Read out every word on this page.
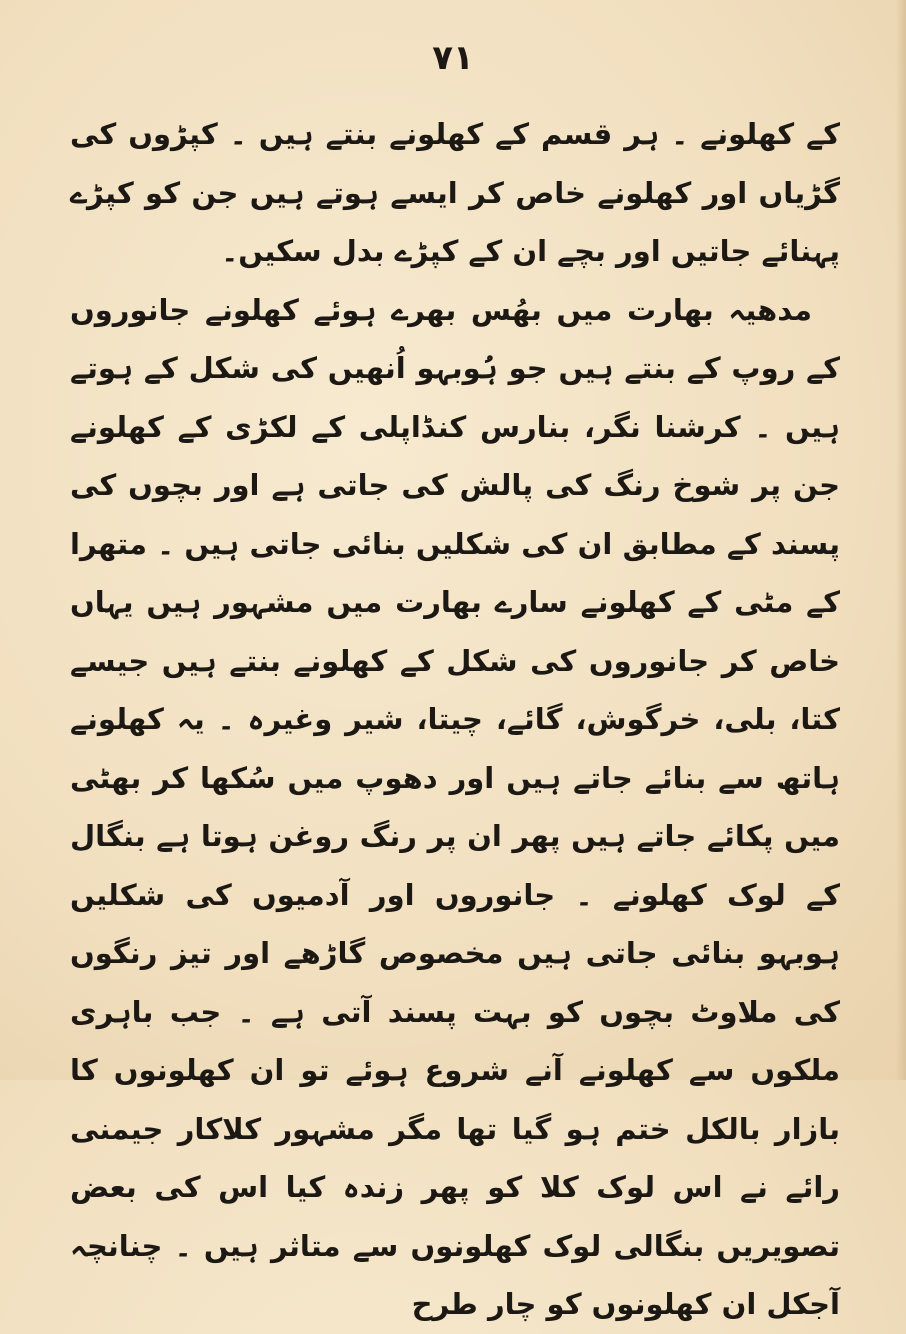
٧١

کے کھلونے ۔ ہر قسم کے کھلونے بنتے ہیں ۔ کپڑوں کی گڑیاں اور کھلونے خاص کر ایسے ہوتے ہیں جن کو کپڑے پہنائے جاتیں اور بچے ان کے کپڑے بدل سکیں۔

مدھیہ بھارت میں بھُس بھرے ہوئے کھلونے جانوروں کے روپ کے بنتے ہیں جو ہُوبہو اُنھیں کی شکل کے ہوتے ہیں ۔ کرشنا نگر، بنارس کنڈاپلی کے لکڑی کے کھلونے جن پر شوخ رنگ کی پالش کی جاتی ہے اور بچوں کی پسند کے مطابق ان کی شکلیں بنائی جاتی ہیں ۔ متھرا کے مٹی کے کھلونے سارے بھارت میں مشہور ہیں یہاں خاص کر جانوروں کی شکل کے کھلونے بنتے ہیں جیسے کتا، بلی، خرگوش، گائے، چیتا، شیر وغیرہ ۔ یہ کھلونے ہاتھ سے بنائے جاتے ہیں اور دھوپ میں سُکھا کر بھٹی میں پکائے جاتے ہیں پھر ان پر رنگ روغن ہوتا ہے بنگال کے لوک کھلونے ۔ جانوروں اور آدمیوں کی شکلیں ہوبہو بنائی جاتی ہیں مخصوص گاڑھے اور تیز رنگوں کی ملاوٹ بچوں کو بہت پسند آتی ہے ۔ جب باہری ملکوں سے کھلونے آنے شروع ہوئے تو ان کھلونوں کا بازار بالکل ختم ہو گیا تھا مگر مشہور کلاکار جیمنی رائے نے اس لوک کلا کو پھر زندہ کیا اس کی بعض تصویریں بنگالی لوک کھلونوں سے متاثر ہیں ۔ چنانچہ آجکل ان کھلونوں کو چار طرح
